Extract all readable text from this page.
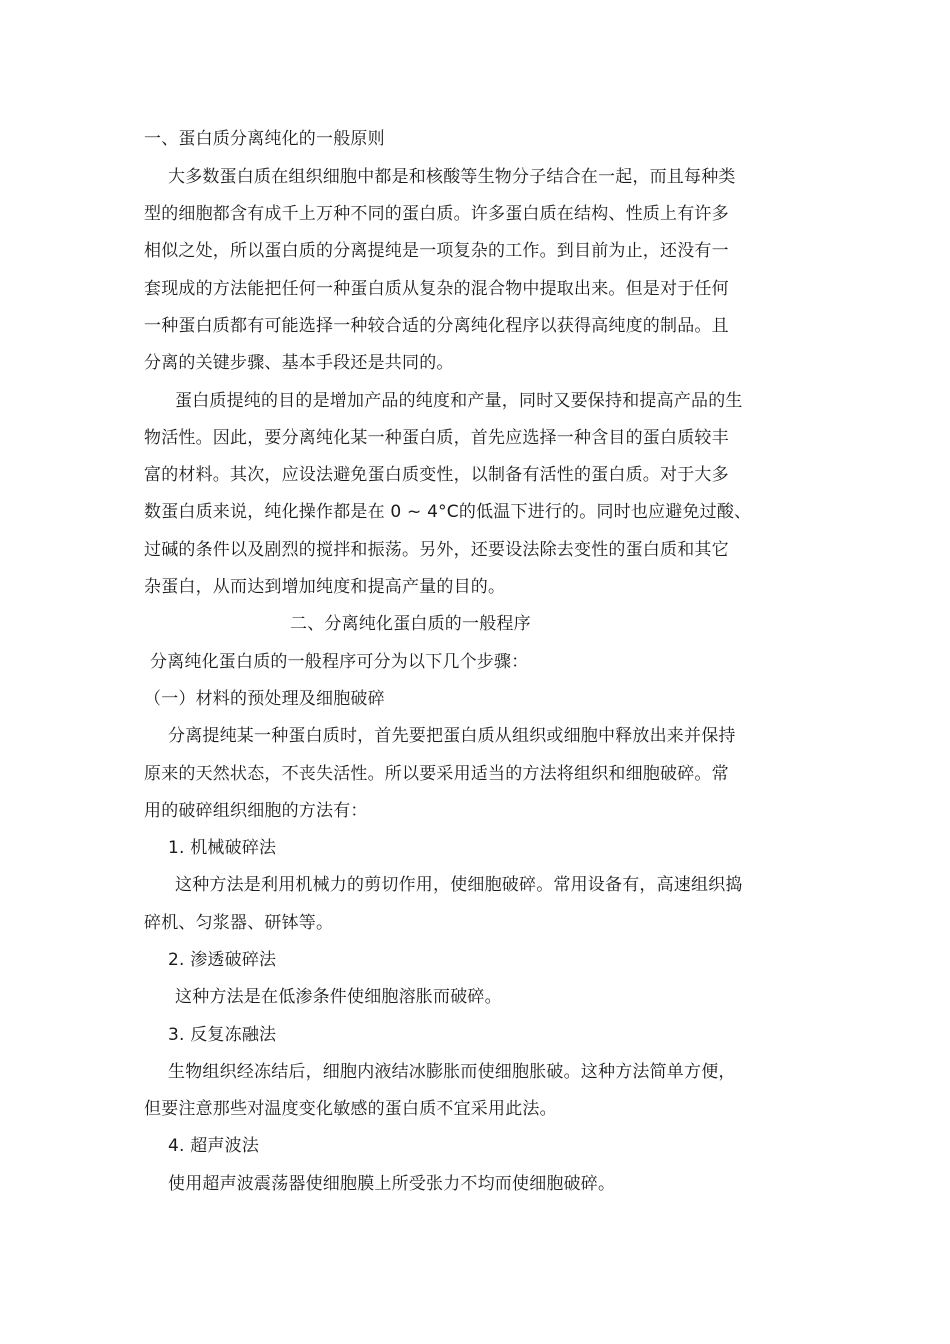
一、蛋白质分离纯化的一般原则

大多数蛋白质在组织细胞中都是和核酸等生物分子结合在一起，而且每种类

型的细胞都含有成千上万种不同的蛋白质。许多蛋白质在结构、性质上有许多

相似之处，所以蛋白质的分离提纯是一项复杂的工作。到目前为止，还没有一

套现成的方法能把任何一种蛋白质从复杂的混合物中提取出来。但是对于任何

一种蛋白质都有可能选择一种较合适的分离纯化程序以获得高纯度的制品。且

分离的关键步骤、基本手段还是共同的。

蛋白质提纯的目的是增加产品的纯度和产量，同时又要保持和提高产品的生

物活性。因此，要分离纯化某一种蛋白质，首先应选择一种含目的蛋白质较丰

富的材料。其次，应设法避免蛋白质变性，以制备有活性的蛋白质。对于大多

数蛋白质来说，纯化操作都是在 0 ~ 4°C的低温下进行的。同时也应避免过酸、

过碱的条件以及剧烈的搅拌和振荡。另外，还要设法除去变性的蛋白质和其它

杂蛋白，从而达到增加纯度和提高产量的目的。

二、分离纯化蛋白质的一般程序

分离纯化蛋白质的一般程序可分为以下几个步骤：

（一）材料的预处理及细胞破碎

分离提纯某一种蛋白质时，首先要把蛋白质从组织或细胞中释放出来并保持

原来的天然状态，不丧失活性。所以要采用适当的方法将组织和细胞破碎。常

用的破碎组织细胞的方法有：

1. 机械破碎法

这种方法是利用机械力的剪切作用，使细胞破碎。常用设备有，高速组织捣

碎机、匀浆器、研钵等。

2. 渗透破碎法

这种方法是在低渗条件使细胞溶胀而破碎。

3. 反复冻融法

生物组织经冻结后，细胞内液结冰膨胀而使细胞胀破。这种方法简单方便，

但要注意那些对温度变化敏感的蛋白质不宜采用此法。

4. 超声波法

使用超声波震荡器使细胞膜上所受张力不均而使细胞破碎。
